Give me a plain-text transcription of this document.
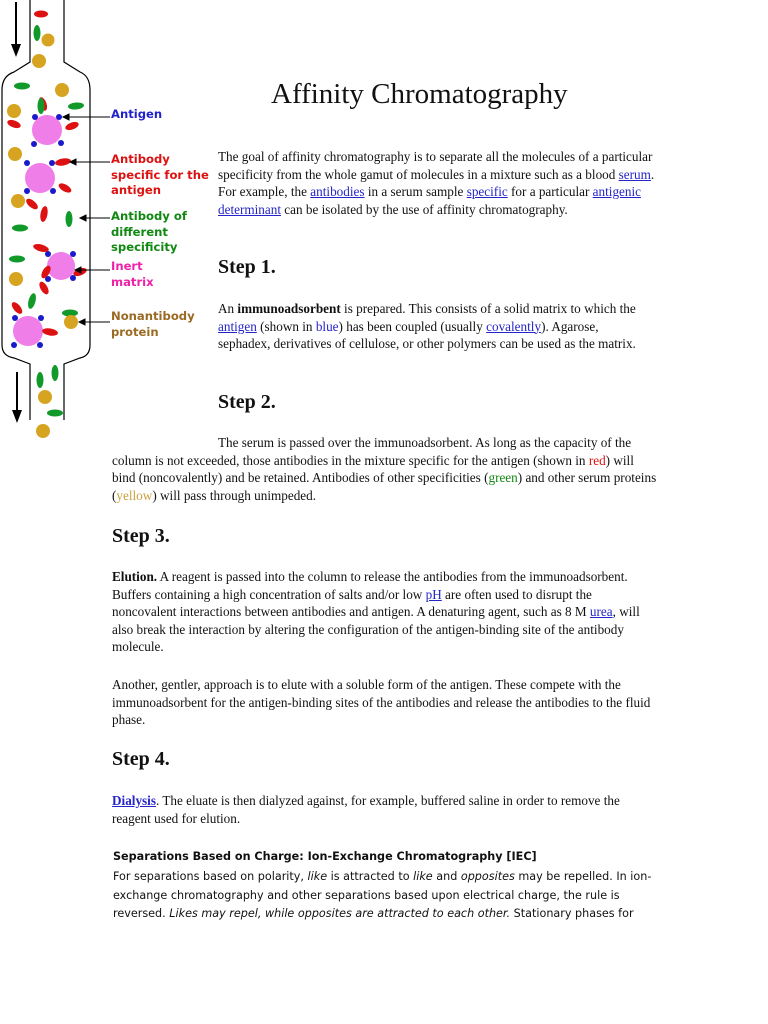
Antigen
Antibody specific for the antigen
Antibody of different specificity
Inert matrix
Nonantibody protein
Affinity Chromatography

The goal of affinity chromatography is to separate all the molecules of a particular specificity from the whole gamut of molecules in a mixture such as a blood serum. For example, the antibodies in a serum sample specific for a particular antigenic determinant can be isolated by the use of affinity chromatography.

Step 1.

An immunoadsorbent is prepared. This consists of a solid matrix to which the antigen (shown in blue) has been coupled (usually covalently). Agarose, sephadex, derivatives of cellulose, or other polymers can be used as the matrix.

Step 2.

The serum is passed over the immunoadsorbent. As long as the capacity of the column is not exceeded, those antibodies in the mixture specific for the antigen (shown in red) will bind (noncovalently) and be retained. Antibodies of other specificities (green) and other serum proteins (yellow) will pass through unimpeded.

Step 3.

Elution. A reagent is passed into the column to release the antibodies from the immunoadsorbent. Buffers containing a high concentration of salts and/or low pH are often used to disrupt the noncovalent interactions between antibodies and antigen. A denaturing agent, such as 8 M urea, will also break the interaction by altering the configuration of the antigen-binding site of the antibody molecule.

Another, gentler, approach is to elute with a soluble form of the antigen. These compete with the immunoadsorbent for the antigen-binding sites of the antibodies and release the antibodies to the fluid phase.

Step 4.

Dialysis. The eluate is then dialyzed against, for example, buffered saline in order to remove the reagent used for elution.

Separations Based on Charge: Ion-Exchange Chromatography [IEC]

For separations based on polarity, like is attracted to like and opposites may be repelled. In ion-exchange chromatography and other separations based upon electrical charge, the rule is reversed. Likes may repel, while opposites are attracted to each other. Stationary phases for
